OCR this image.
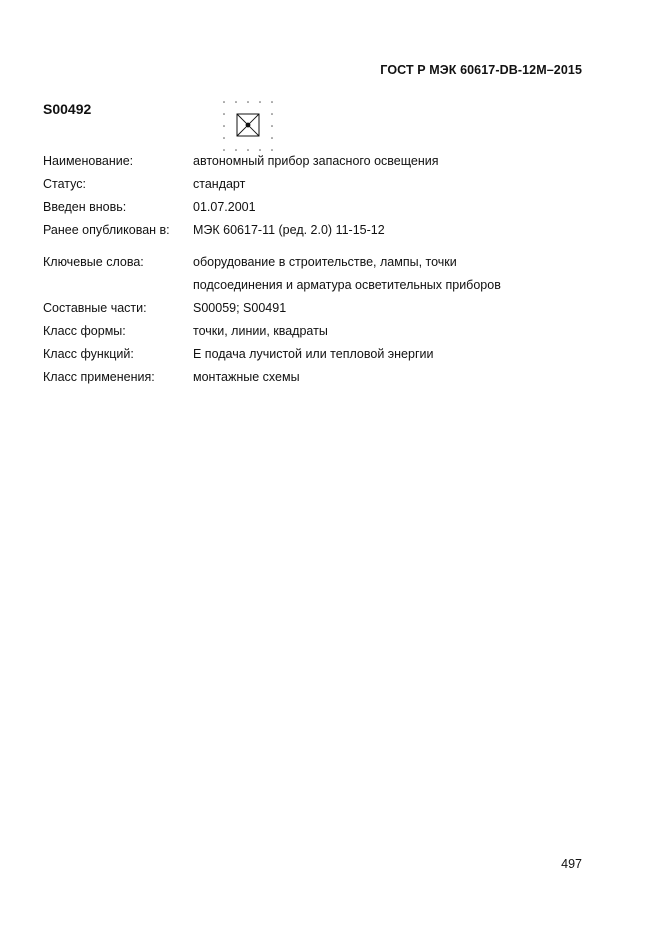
ГОСТ Р МЭК 60617-DB-12M–2015
S00492
Наименование:	автономный прибор запасного освещения
Статус:	стандарт
Введен вновь:	01.07.2001
Ранее опубликован в:	МЭК 60617-11 (ред. 2.0) 11-15-12
Ключевые слова:	оборудование в строительстве, лампы, точки
подсоединения и арматура осветительных приборов
Составные части:	S00059; S00491
Класс формы:	точки, линии, квадраты
Класс функций:	E подача лучистой или тепловой энергии
Класс применения:	монтажные схемы
497
